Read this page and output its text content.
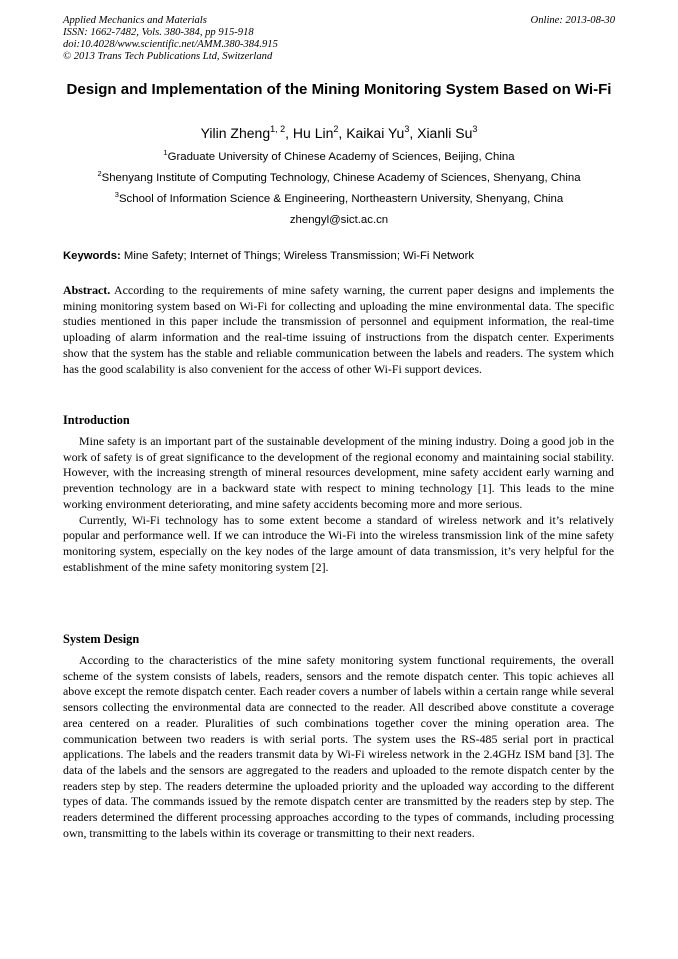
Applied Mechanics and Materials
ISSN: 1662-7482, Vols. 380-384, pp 915-918
doi:10.4028/www.scientific.net/AMM.380-384.915
© 2013 Trans Tech Publications Ltd, Switzerland
Online: 2013-08-30
Design and Implementation of the Mining Monitoring System Based on Wi-Fi
Yilin Zheng$^{1, 2}$, Hu Lin$^2$, Kaikai Yu$^3$, Xianli Su$^3$
$^1$Graduate University of Chinese Academy of Sciences, Beijing, China
$^2$Shenyang Institute of Computing Technology, Chinese Academy of Sciences, Shenyang, China
$^3$School of Information Science & Engineering, Northeastern University, Shenyang, China
zhengyl@sict.ac.cn
Keywords: Mine Safety; Internet of Things; Wireless Transmission; Wi-Fi Network

Abstract. According to the requirements of mine safety warning, the current paper designs and implements the mining monitoring system based on Wi-Fi for collecting and uploading the mine environmental data. The specific studies mentioned in this paper include the transmission of personnel and equipment information, the real-time uploading of alarm information and the real-time issuing of instructions from the dispatch center. Experiments show that the system has the stable and reliable communication between the labels and readers. The system which has the good scalability is also convenient for the access of other Wi-Fi support devices.

Introduction

Mine safety is an important part of the sustainable development of the mining industry. Doing a good job in the work of safety is of great significance to the development of the regional economy and maintaining social stability. However, with the increasing strength of mineral resources development, mine safety accident early warning and prevention technology are in a backward state with respect to mining technology [1]. This leads to the mine working environment deteriorating, and mine safety accidents becoming more and more serious.

Currently, Wi-Fi technology has to some extent become a standard of wireless network and it’s relatively popular and performance well. If we can introduce the Wi-Fi into the wireless transmission link of the mine safety monitoring system, especially on the key nodes of the large amount of data transmission, it’s very helpful for the establishment of the mine safety monitoring system [2].

System Design

According to the characteristics of the mine safety monitoring system functional requirements, the overall scheme of the system consists of labels, readers, sensors and the remote dispatch center. This topic achieves all above except the remote dispatch center. Each reader covers a number of labels within a certain range while several sensors collecting the environmental data are connected to the reader. All described above constitute a coverage area centered on a reader. Pluralities of such combinations together cover the mining operation area. The communication between two readers is with serial ports. The system uses the RS-485 serial port in practical applications. The labels and the readers transmit data by Wi-Fi wireless network in the 2.4GHz ISM band [3]. The data of the labels and the sensors are aggregated to the readers and uploaded to the remote dispatch center by the readers step by step. The readers determine the uploaded priority and the uploaded way according to the different types of data. The commands issued by the remote dispatch center are transmitted by the readers step by step. The readers determined the different processing approaches according to the types of commands, including processing own, transmitting to the labels within its coverage or transmitting to their next readers.
